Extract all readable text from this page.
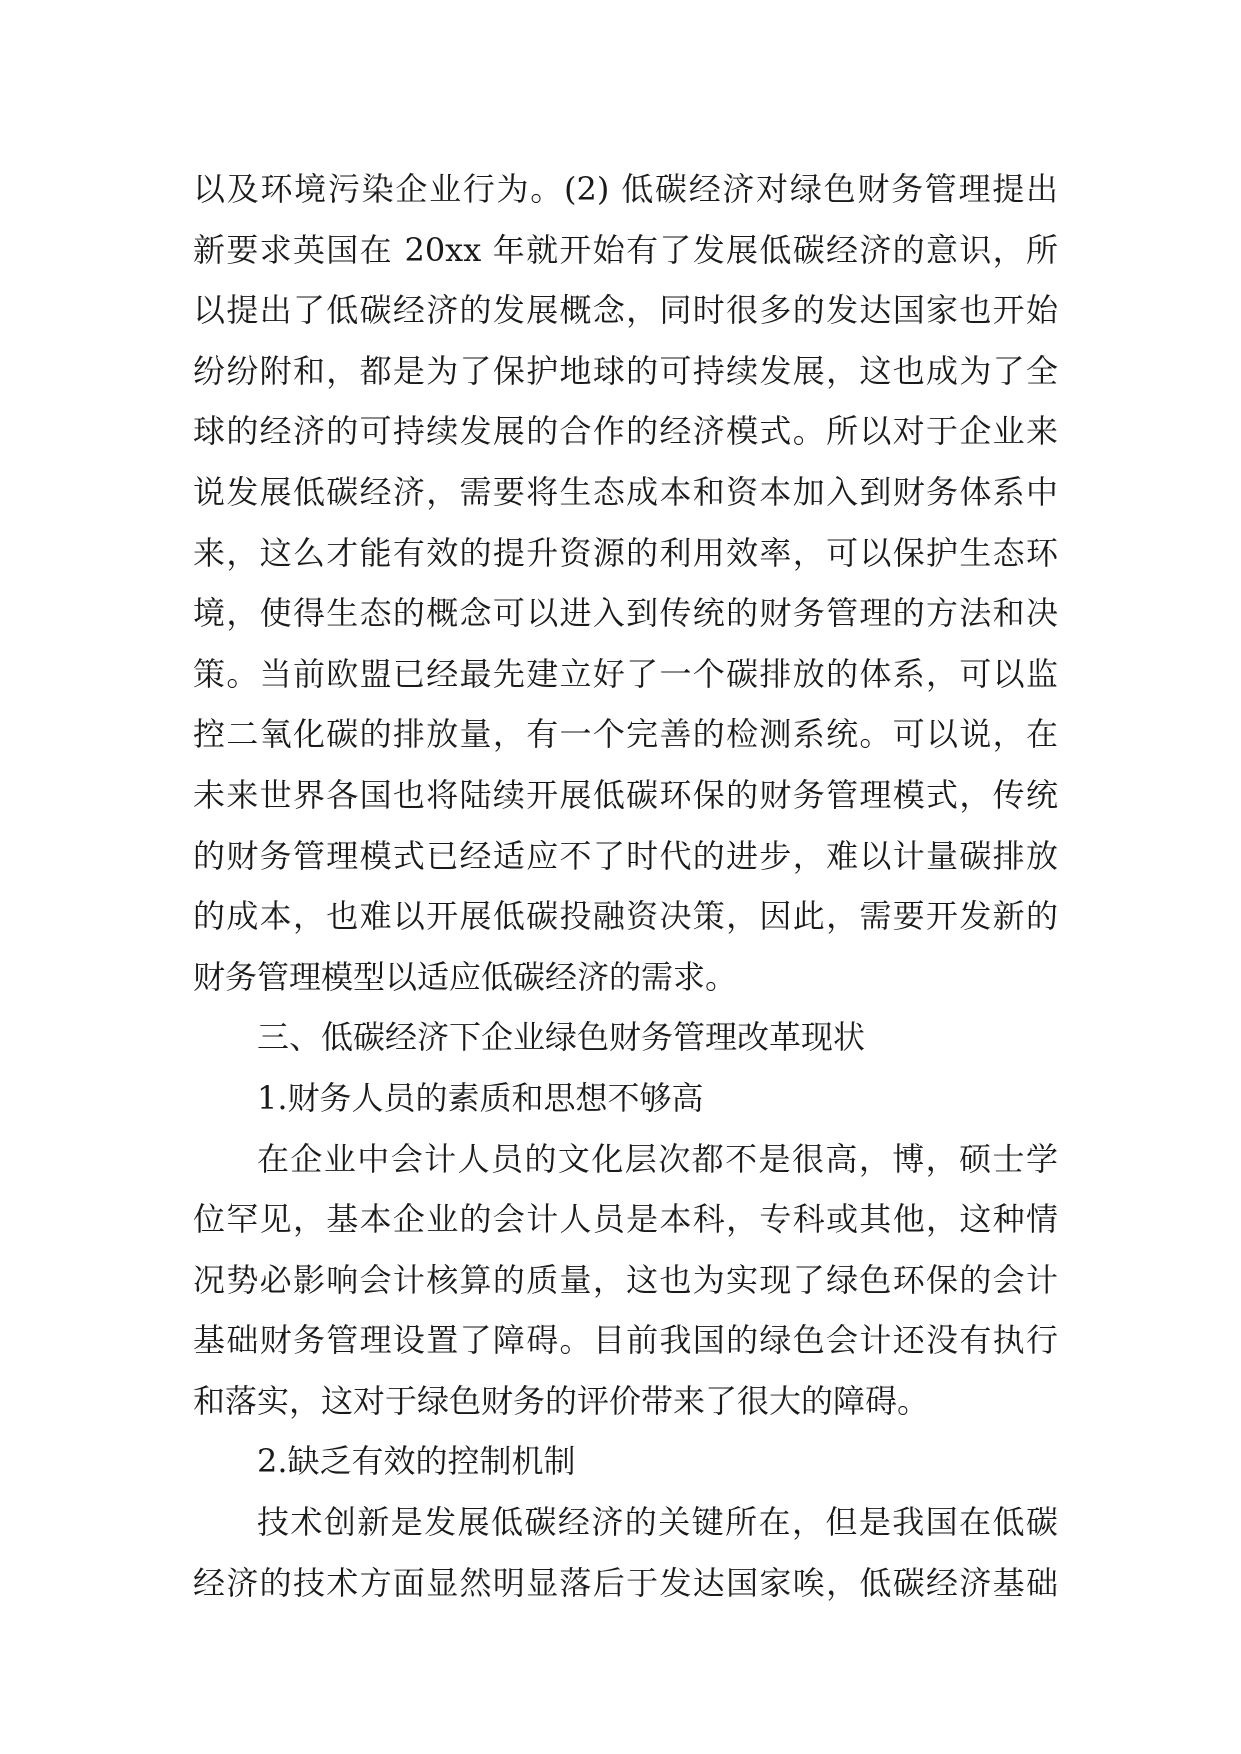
以及环境污染企业行为。(2) 低碳经济对绿色财务管理提出
新要求英国在 20xx 年就开始有了发展低碳经济的意识，所
以提出了低碳经济的发展概念，同时很多的发达国家也开始
纷纷附和，都是为了保护地球的可持续发展，这也成为了全
球的经济的可持续发展的合作的经济模式。所以对于企业来
说发展低碳经济，需要将生态成本和资本加入到财务体系中
来，这么才能有效的提升资源的利用效率，可以保护生态环
境，使得生态的概念可以进入到传统的财务管理的方法和决
策。当前欧盟已经最先建立好了一个碳排放的体系，可以监
控二氧化碳的排放量，有一个完善的检测系统。可以说，在
未来世界各国也将陆续开展低碳环保的财务管理模式，传统
的财务管理模式已经适应不了时代的进步，难以计量碳排放
的成本，也难以开展低碳投融资决策，因此，需要开发新的
财务管理模型以适应低碳经济的需求。
三、低碳经济下企业绿色财务管理改革现状
1.财务人员的素质和思想不够高
在企业中会计人员的文化层次都不是很高，博，硕士学
位罕见，基本企业的会计人员是本科，专科或其他，这种情
况势必影响会计核算的质量，这也为实现了绿色环保的会计
基础财务管理设置了障碍。目前我国的绿色会计还没有执行
和落实，这对于绿色财务的评价带来了很大的障碍。
2.缺乏有效的控制机制
技术创新是发展低碳经济的关键所在，但是我国在低碳
经济的技术方面显然明显落后于发达国家唉，低碳经济基础
